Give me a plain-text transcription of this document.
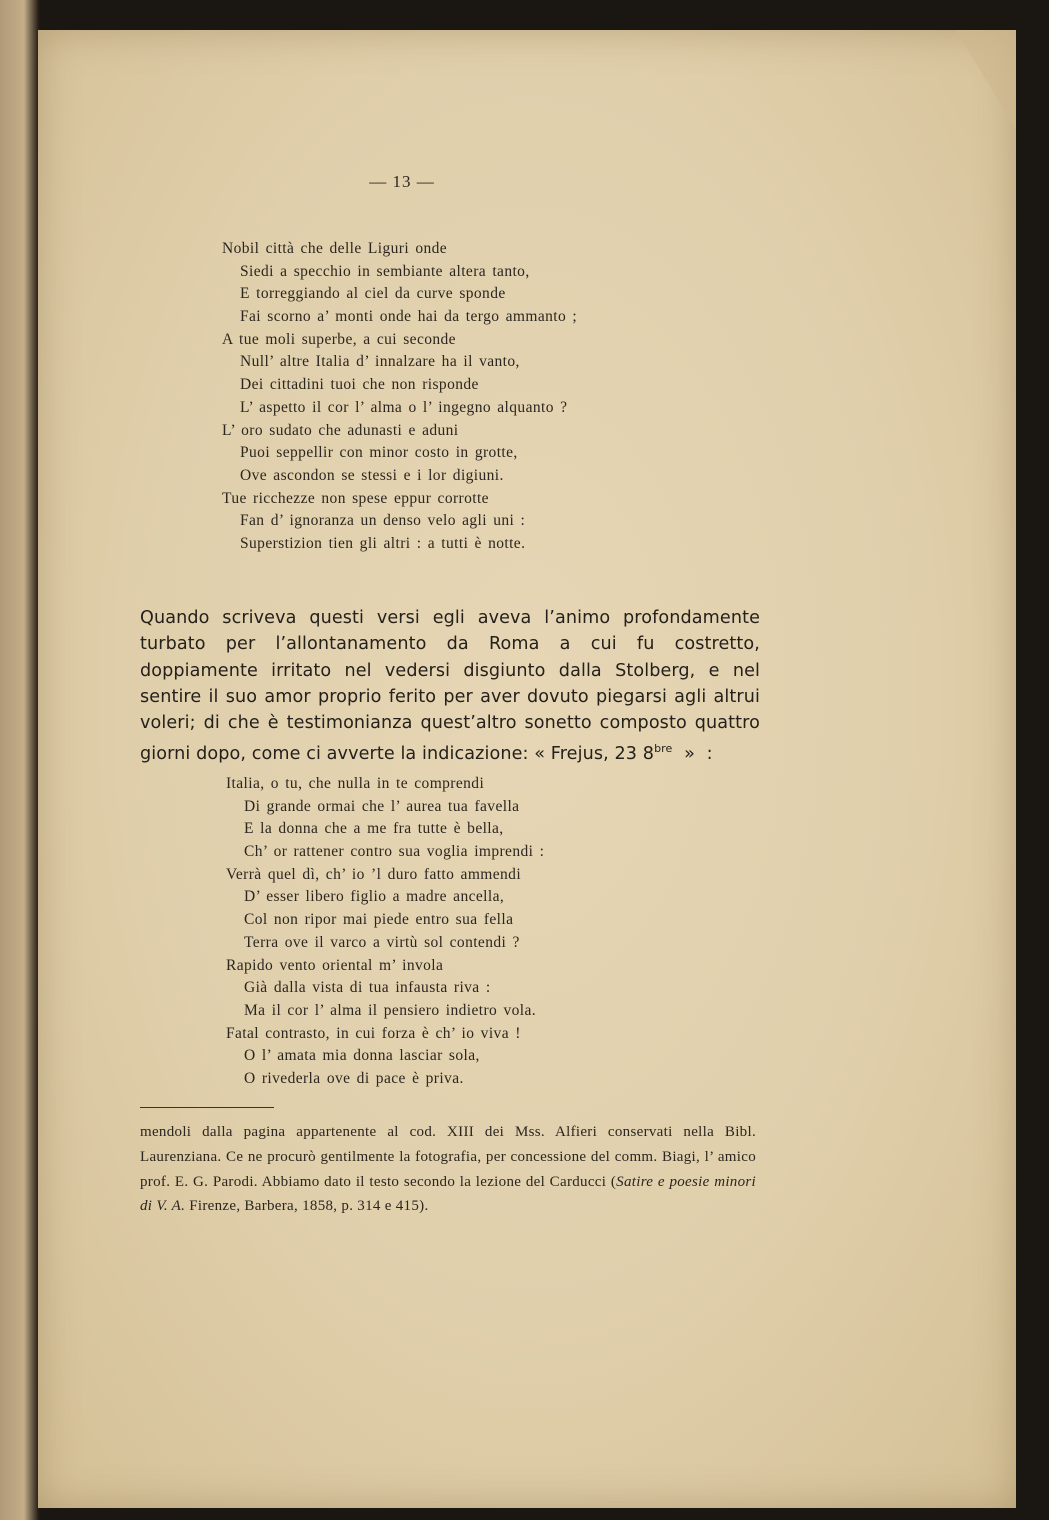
— 13 —
Nobil città che delle Liguri onde
Siedi a specchio in sembiante altera tanto,
E torreggiando al ciel da curve sponde
Fai scorno a’ monti onde hai da tergo ammanto ;
A tue moli superbe, a cui seconde
Null’ altre Italia d’ innalzare ha il vanto,
Dei cittadini tuoi che non risponde
L’ aspetto il cor l’ alma o l’ ingegno alquanto ?
L’ oro sudato che adunasti e aduni
Puoi seppellir con minor costo in grotte,
Ove ascondon se stessi e i lor digiuni.
Tue ricchezze non spese eppur corrotte
Fan d’ ignoranza un denso velo agli uni :
Superstizion tien gli altri : a tutti è notte.
Quando scriveva questi versi egli aveva l’animo profondamente turbato per l’allontanamento da Roma a cui fu costretto, doppiamente irritato nel vedersi disgiunto dalla Stolberg, e nel sentire il suo amor proprio ferito per aver dovuto piegarsi agli altrui voleri; di che è testimonianza quest’altro sonetto composto quattro giorni dopo, come ci avverte la indicazione: « Frejus, 23 $8^{bre}$ » :
Italia, o tu, che nulla in te comprendi
Di grande ormai che l’ aurea tua favella
E la donna che a me fra tutte è bella,
Ch’ or rattener contro sua voglia imprendi :
Verrà quel dì, ch’ io ’l duro fatto ammendi
D’ esser libero figlio a madre ancella,
Col non ripor mai piede entro sua fella
Terra ove il varco a virtù sol contendi ?
Rapido vento oriental m’ invola
Già dalla vista di tua infausta riva :
Ma il cor l’ alma il pensiero indietro vola.
Fatal contrasto, in cui forza è ch’ io viva !
O l’ amata mia donna lasciar sola,
O rivederla ove di pace è priva.
mendoli dalla pagina appartenente al cod. XIII dei Mss. Alfieri conservati nella Bibl. Laurenziana. Ce ne procurò gentilmente la fotografia, per concessione del comm. Biagi, l’ amico prof. E. G. Parodi. Abbiamo dato il testo secondo la lezione del Carducci (Satire e poesie minori di V. A. Firenze, Barbera, 1858, p. 314 e 415).
